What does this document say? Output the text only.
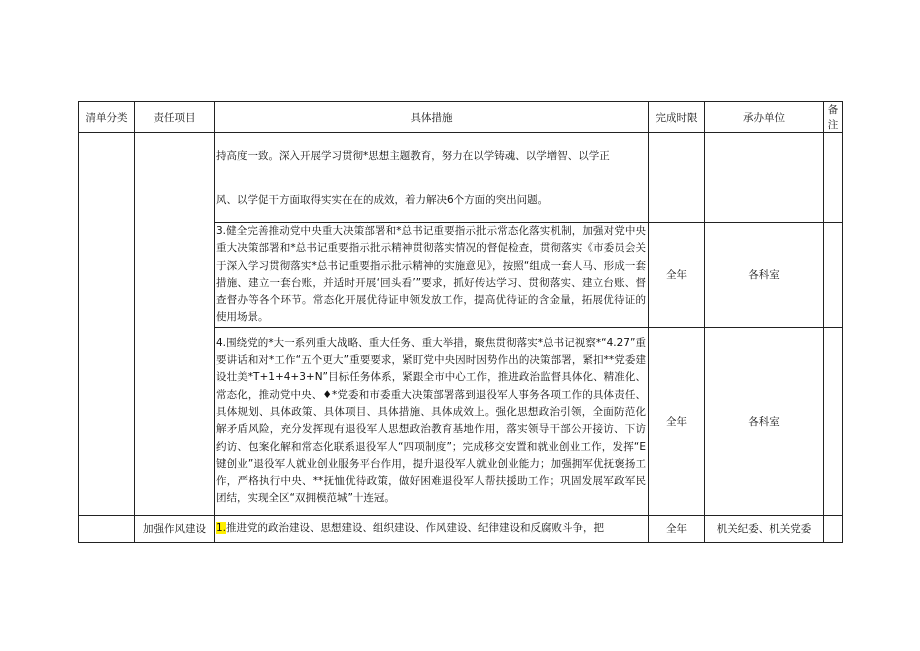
清单分类	责任项目	具体措施	完成时限	承办单位	备注

		持高度一致。深入开展学习贯彻*思想主题教育，努力在以学铸魂、以学增智、以学正

风、以学促干方面取得实实在在的成效，着力解决6个方面的突出问题。			

		3.健全完善推动党中央重大决策部署和*总书记重要指示批示常态化落实机制，加强对党中央重大决策部署和*总书记重要指示批示精神贯彻落实情况的督促检查，贯彻落实《市委员会关于深入学习贯彻落实*总书记重要指示批示精神的实施意见》，按照“组成一套人马、形成一套措施、建立一套台账，并适时开展‘回头看’”要求，抓好传达学习、贯彻落实、建立台账、督查督办等各个环节。常态化开展优待证申领发放工作，提高优待证的含金量，拓展优待证的使用场景。	全年	各科室	
		4.围绕党的*大一系列重大战略、重大任务、重大举措，聚焦贯彻落实*总书记视察*“4.27”重要讲话和对*工作“五个更大”重要要求，紧盯党中央因时因势作出的决策部署，紧扣**党委建设壮美*T+1+4+3+N”目标任务体系，紧跟全市中心工作，推进政治监督具体化、精准化、常态化，推动党中央、♦*党委和市委重大决策部署落到退役军人事务各项工作的具体责任、具体规划、具体政策、具体项目、具体措施、具体成效上。强化思想政治引领，全面防范化解矛盾风险，充分发挥现有退役军人思想政治教育基地作用，落实领导干部公开接访、下访约访、包案化解和常态化联系退役军人“四项制度”；完成移交安置和就业创业工作，发挥“E键创业”退役军人就业创业服务平台作用，提升退役军人就业创业能力；加强拥军优抚褒扬工作，严格执行中央、**抚恤优待政策，做好困难退役军人帮扶援助工作；巩固发展军政军民团结，实现全区“双拥模范城”十连冠。	全年	各科室	
	加强作风建设	1.推进党的政治建设、思想建设、组织建设、作风建设、纪律建设和反腐败斗争，把	全年	机关纪委、机关党委	
